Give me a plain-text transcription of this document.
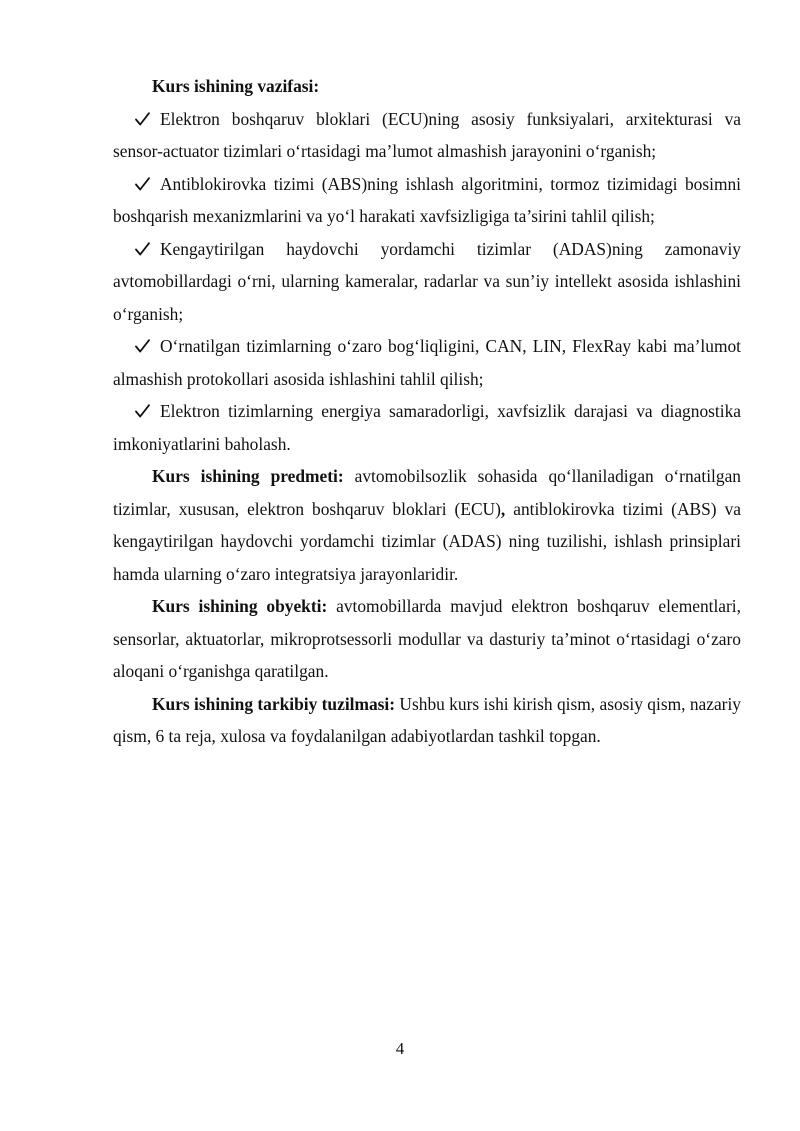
Kurs ishining vazifasi:

Elektron boshqaruv bloklari (ECU)ning asosiy funksiyalari, arxitekturasi va sensor-actuator tizimlari o‘rtasidagi ma’lumot almashish jarayonini o‘rganish;

Antiblokirovka tizimi (ABS)ning ishlash algoritmini, tormoz tizimidagi bosimni boshqarish mexanizmlarini va yo‘l harakati xavfsizligiga ta’sirini tahlil qilish;

Kengaytirilgan haydovchi yordamchi tizimlar (ADAS)ning zamonaviy avtomobillardagi o‘rni, ularning kameralar, radarlar va sun’iy intellekt asosida ishlashini o‘rganish;

O‘rnatilgan tizimlarning o‘zaro bog‘liqligini, CAN, LIN, FlexRay kabi ma’lumot almashish protokollari asosida ishlashini tahlil qilish;

Elektron tizimlarning energiya samaradorligi, xavfsizlik darajasi va diagnostika imkoniyatlarini baholash.

Kurs ishining predmeti: avtomobilsozlik sohasida qo‘llaniladigan o‘rnatilgan tizimlar, xususan, elektron boshqaruv bloklari (ECU), antiblokirovka tizimi (ABS) va kengaytirilgan haydovchi yordamchi tizimlar (ADAS) ning tuzilishi, ishlash prinsiplari hamda ularning o‘zaro integratsiya jarayonlaridir.

Kurs ishining obyekti: avtomobillarda mavjud elektron boshqaruv elementlari, sensorlar, aktuatorlar, mikroprotsessorli modullar va dasturiy ta’minot o‘rtasidagi o‘zaro aloqani o‘rganishga qaratilgan.

Kurs ishining tarkibiy tuzilmasi: Ushbu kurs ishi kirish qism, asosiy qism, nazariy qism, 6 ta reja, xulosa va foydalanilgan adabiyotlardan tashkil topgan.

4
